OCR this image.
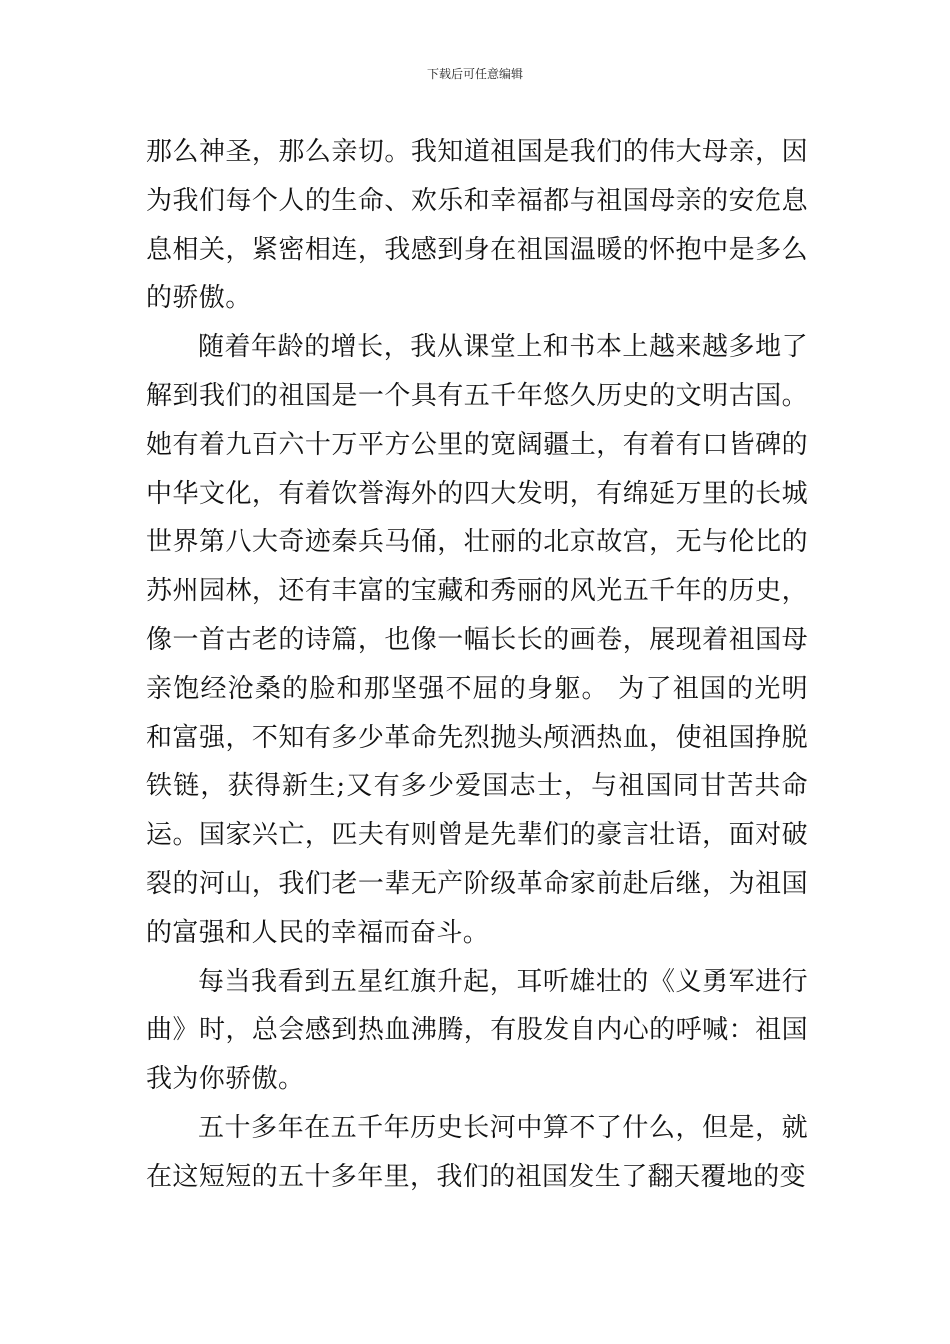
下载后可任意编辑

那么神圣，那么亲切。我知道祖国是我们的伟大母亲，因为我们每个人的生命、欢乐和幸福都与祖国母亲的安危息息相关，紧密相连，我感到身在祖国温暖的怀抱中是多么的骄傲。

随着年龄的增长，我从课堂上和书本上越来越多地了解到我们的祖国是一个具有五千年悠久历史的文明古国。她有着九百六十万平方公里的宽阔疆土，有着有口皆碑的中华文化，有着饮誉海外的四大发明，有绵延万里的长城世界第八大奇迹秦兵马俑，壮丽的北京故宫，无与伦比的苏州园林，还有丰富的宝藏和秀丽的风光五千年的历史，像一首古老的诗篇，也像一幅长长的画卷，展现着祖国母亲饱经沧桑的脸和那坚强不屈的身躯。 为了祖国的光明和富强，不知有多少革命先烈抛头颅洒热血，使祖国挣脱铁链，获得新生;又有多少爱国志士，与祖国同甘苦共命运。国家兴亡，匹夫有则曾是先辈们的豪言壮语，面对破裂的河山，我们老一辈无产阶级革命家前赴后继，为祖国的富强和人民的幸福而奋斗。

每当我看到五星红旗升起，耳听雄壮的《义勇军进行曲》时，总会感到热血沸腾，有股发自内心的呼喊：祖国我为你骄傲。

五十多年在五千年历史长河中算不了什么，但是，就在这短短的五十多年里，我们的祖国发生了翻天覆地的变
